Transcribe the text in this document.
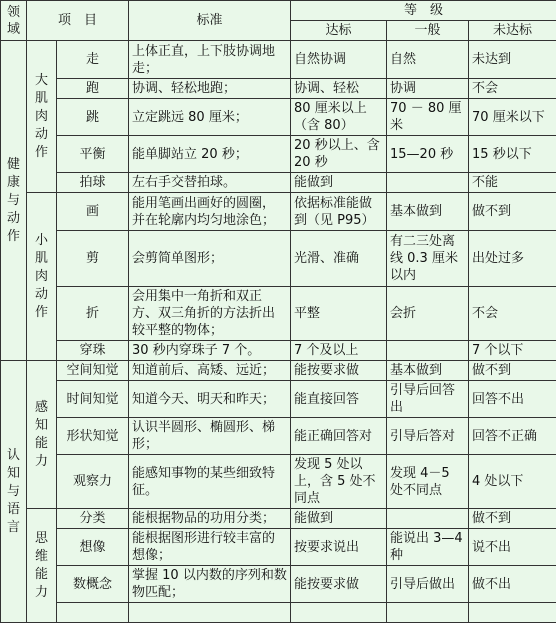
领域	项　目		标准	等　级		
				达标	一般	未达标
健康与动作	大肌肉动作	走	上体正直，上下肢协调地走；	自然协调	自然	未达到
		跑	协调、轻松地跑；	协调、轻松	协调	不会
		跳	立定跳远 80 厘米；	80 厘米以上（含 80）	70 － 80 厘米	70 厘米以下
		平衡	能单脚站立 20 秒；	20 秒以上、含 20 秒	15—20 秒	15 秒以下
		拍球	左右手交替拍球。	能做到		不能
	小肌肉动作	画	能用笔画出画好的圆圈，并在轮廓内均匀地涂色；	依据标准能做到（见 P95）	基本做到	做不到
		剪	会剪简单图形；	光滑、准确	有二三处离线 0.3 厘米以内	出处过多
		折	会用集中一角折和双正方、双三角折的方法折出较平整的物体；	平整	会折	不会
		穿珠	30 秒内穿珠子 7 个。	7 个及以上		7 个以下
认知与语言	感知能力	空间知觉	知道前后、高矮、远近；	能按要求做	基本做到	做不到
		时间知觉	知道今天、明天和昨天；	能直接回答	引导后回答出	回答不出
		形状知觉	认识半圆形、椭圆形、梯形；	能正确回答对	引导后答对	回答不正确
		观察力	能感知事物的某些细致特征。	发现 5 处以上，含 5 处不同点	发现 4－5 处不同点	4 处以下
	思维能力	分类	能根据物品的功用分类；	能做到		做不到
		想像	能根据图形进行较丰富的想像；	按要求说出	能说出 3—4 种	说不出
		数概念	掌握 10 以内数的序列和数物匹配；	能按要求做	引导后做出	做不出
